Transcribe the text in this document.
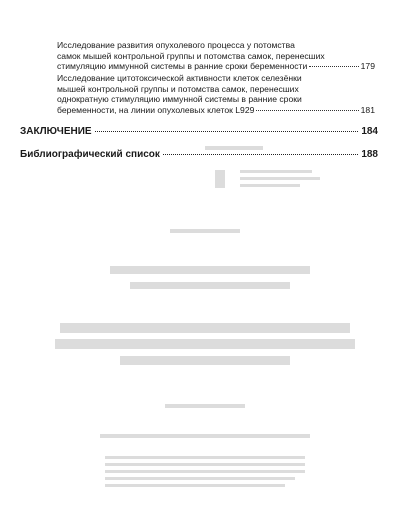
Исследование развития опухолевого процесса у потомства
самок мышей контрольной группы и потомства самок, перенесших
стимуляцию иммунной системы в ранние сроки беременности	179
Исследование цитотоксической активности клеток селезёнки
мышей контрольной группы и потомства самок, перенесших
однократную стимуляцию иммунной системы в ранние сроки
беременности, на линии опухолевых клеток L929	181
ЗАКЛЮЧЕНИЕ	184
Библиографический список	188
